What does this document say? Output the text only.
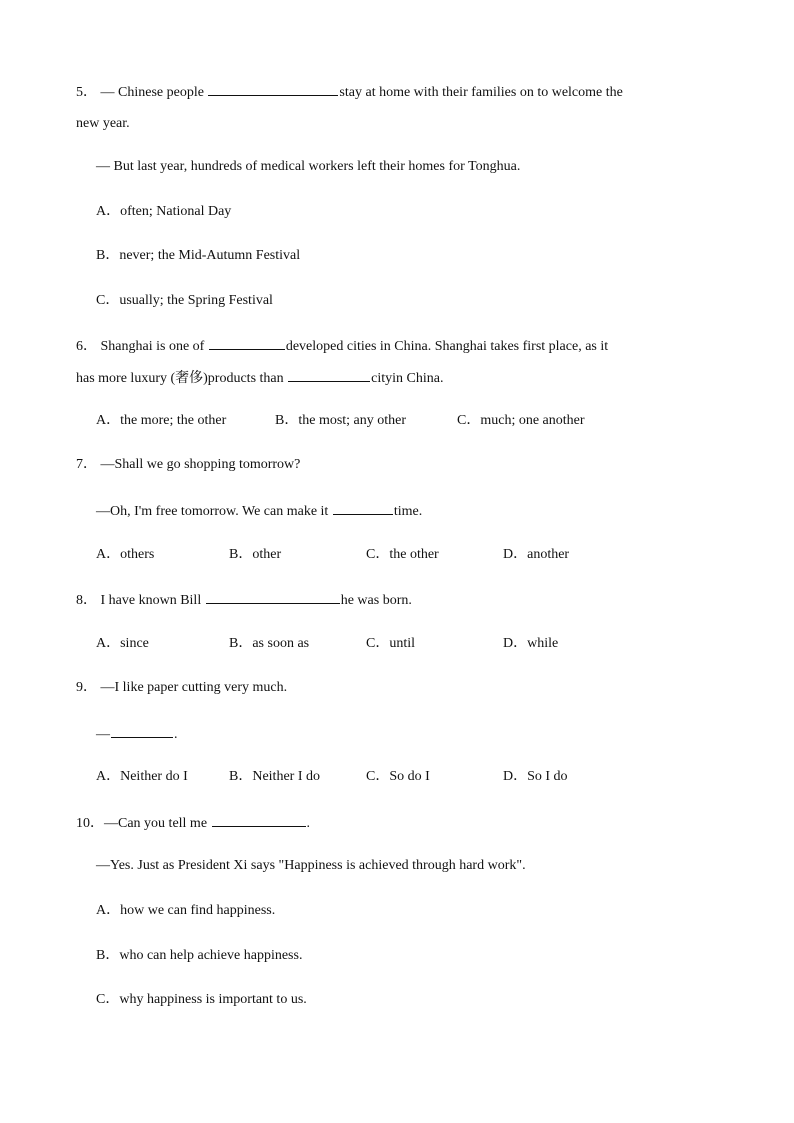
5． — Chinese people	stay at home with their families on to welcome the
new year.
— But last year, hundreds of medical workers left their homes for Tonghua.
A．often; National Day
B．never; the Mid-Autumn Festival
C．usually; the Spring Festival
6． Shanghai is one of	developed cities in China. Shanghai takes first place, as it
has more luxury (奢侈)products than	cityin China.
A．the more; the other	B．the most; any other	C．much; one another
7． —Shall we go shopping tomorrow?
—Oh, I'm free tomorrow. We can make it	time.
A．others	B．other	C．the other	D．another
8． I have known Bill	he was born.
A．since	B．as soon as	C．until	D．while
9． —I like paper cutting very much.
—	.
A．Neither do I	B．Neither I do	C．So do I	D．So I do
10．—Can you tell me	.
—Yes. Just as President Xi says "Happiness is achieved through hard work".
A．how we can find happiness.
B．who can help achieve happiness.
C．why happiness is important to us.
